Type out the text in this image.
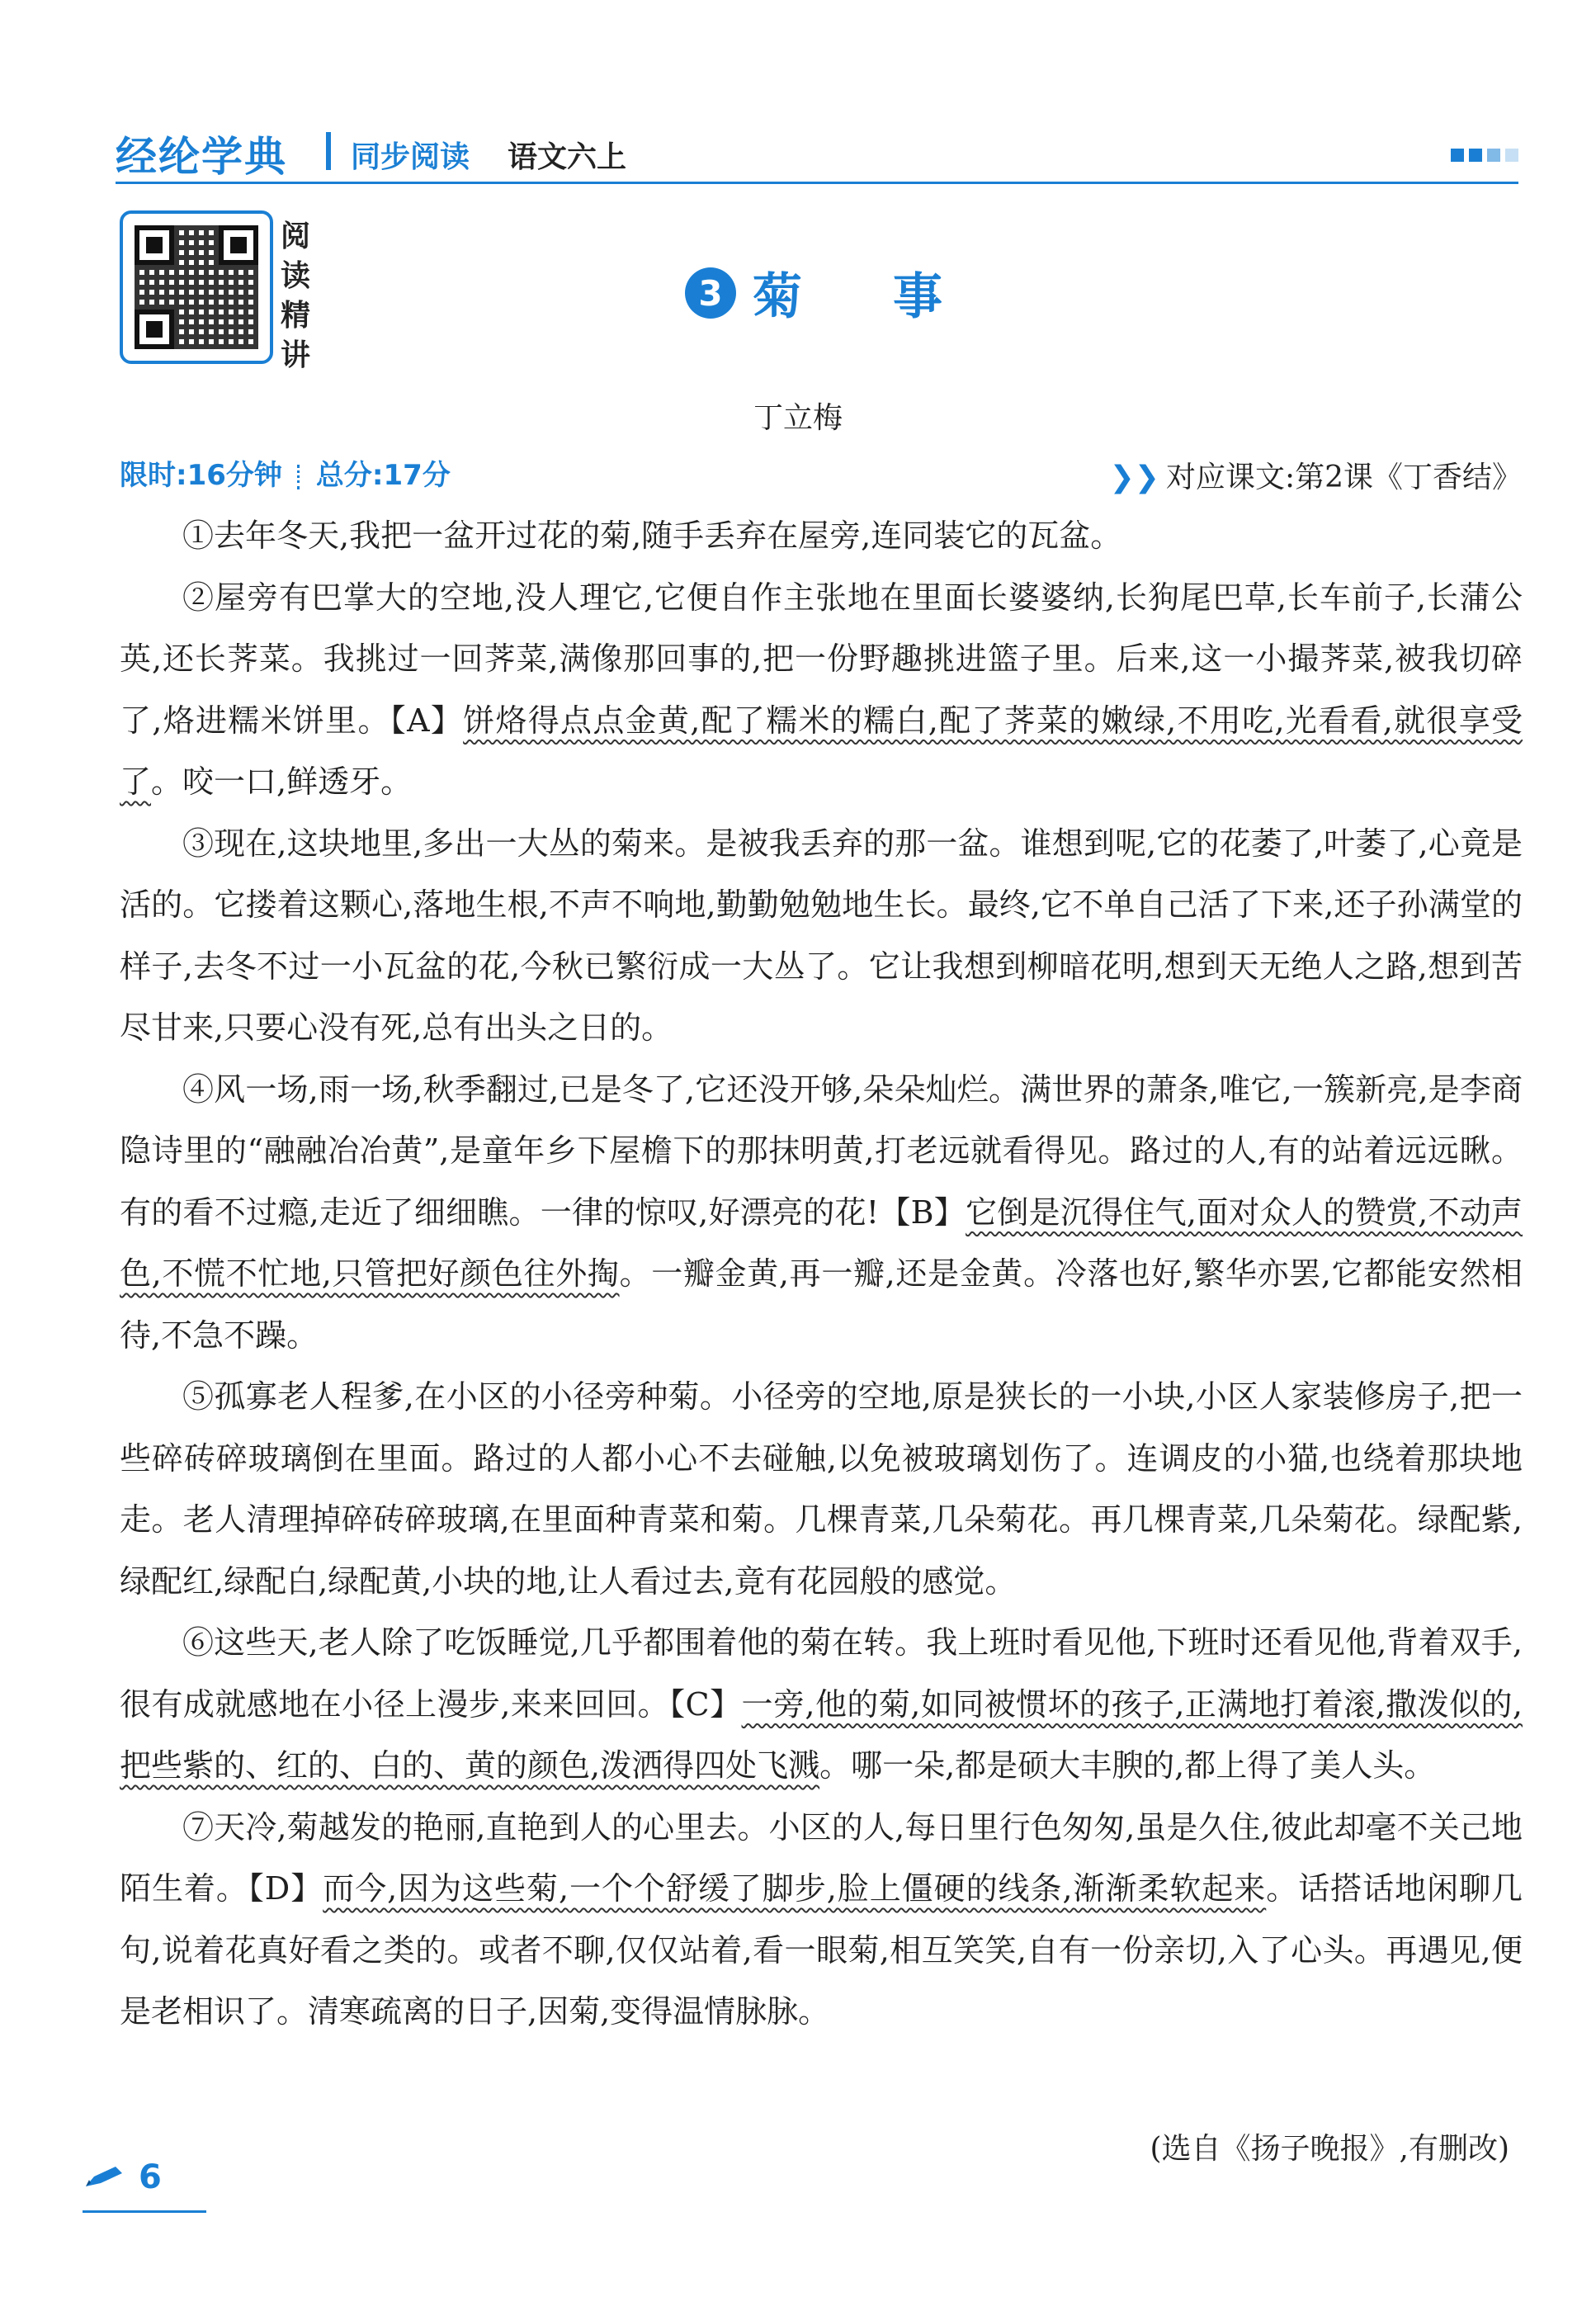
经纶学典 同步阅读 语文六上
阅读精讲
3 菊事
丁立梅
限时:16分钟 总分:17分	❯❯ 对应课文:第2课《丁香结》

①去年冬天,我把一盆开过花的菊,随手丢弃在屋旁,连同装它的瓦盆。

②屋旁有巴掌大的空地,没人理它,它便自作主张地在里面长婆婆纳,长狗尾巴草,长车前子,长蒲公英,还长荠菜。我挑过一回荠菜,满像那回事的,把一份野趣挑进篮子里。后来,这一小撮荠菜,被我切碎了,烙进糯米饼里。【A】饼烙得点点金黄,配了糯米的糯白,配了荠菜的嫩绿,不用吃,光看看,就很享受了。咬一口,鲜透牙。

③现在,这块地里,多出一大丛的菊来。是被我丢弃的那一盆。谁想到呢,它的花萎了,叶萎了,心竟是活的。它搂着这颗心,落地生根,不声不响地,勤勤勉勉地生长。最终,它不单自己活了下来,还子孙满堂的样子,去冬不过一小瓦盆的花,今秋已繁衍成一大丛了。它让我想到柳暗花明,想到天无绝人之路,想到苦尽甘来,只要心没有死,总有出头之日的。

④风一场,雨一场,秋季翻过,已是冬了,它还没开够,朵朵灿烂。满世界的萧条,唯它,一簇新亮,是李商隐诗里的“融融冶冶黄”,是童年乡下屋檐下的那抹明黄,打老远就看得见。路过的人,有的站着远远瞅。有的看不过瘾,走近了细细瞧。一律的惊叹,好漂亮的花!【B】它倒是沉得住气,面对众人的赞赏,不动声色,不慌不忙地,只管把好颜色往外掏。一瓣金黄,再一瓣,还是金黄。冷落也好,繁华亦罢,它都能安然相待,不急不躁。

⑤孤寡老人程爹,在小区的小径旁种菊。小径旁的空地,原是狭长的一小块,小区人家装修房子,把一些碎砖碎玻璃倒在里面。路过的人都小心不去碰触,以免被玻璃划伤了。连调皮的小猫,也绕着那块地走。老人清理掉碎砖碎玻璃,在里面种青菜和菊。几棵青菜,几朵菊花。再几棵青菜,几朵菊花。绿配紫,绿配红,绿配白,绿配黄,小块的地,让人看过去,竟有花园般的感觉。

⑥这些天,老人除了吃饭睡觉,几乎都围着他的菊在转。我上班时看见他,下班时还看见他,背着双手,很有成就感地在小径上漫步,来来回回。【C】一旁,他的菊,如同被惯坏的孩子,正满地打着滚,撒泼似的,把些紫的、红的、白的、黄的颜色,泼洒得四处飞溅。哪一朵,都是硕大丰腴的,都上得了美人头。

⑦天冷,菊越发的艳丽,直艳到人的心里去。小区的人,每日里行色匆匆,虽是久住,彼此却毫不关己地陌生着。【D】而今,因为这些菊,一个个舒缓了脚步,脸上僵硬的线条,渐渐柔软起来。话搭话地闲聊几句,说着花真好看之类的。或者不聊,仅仅站着,看一眼菊,相互笑笑,自有一份亲切,入了心头。再遇见,便是老相识了。清寒疏离的日子,因菊,变得温情脉脉。

(选自《扬子晚报》,有删改)
6
